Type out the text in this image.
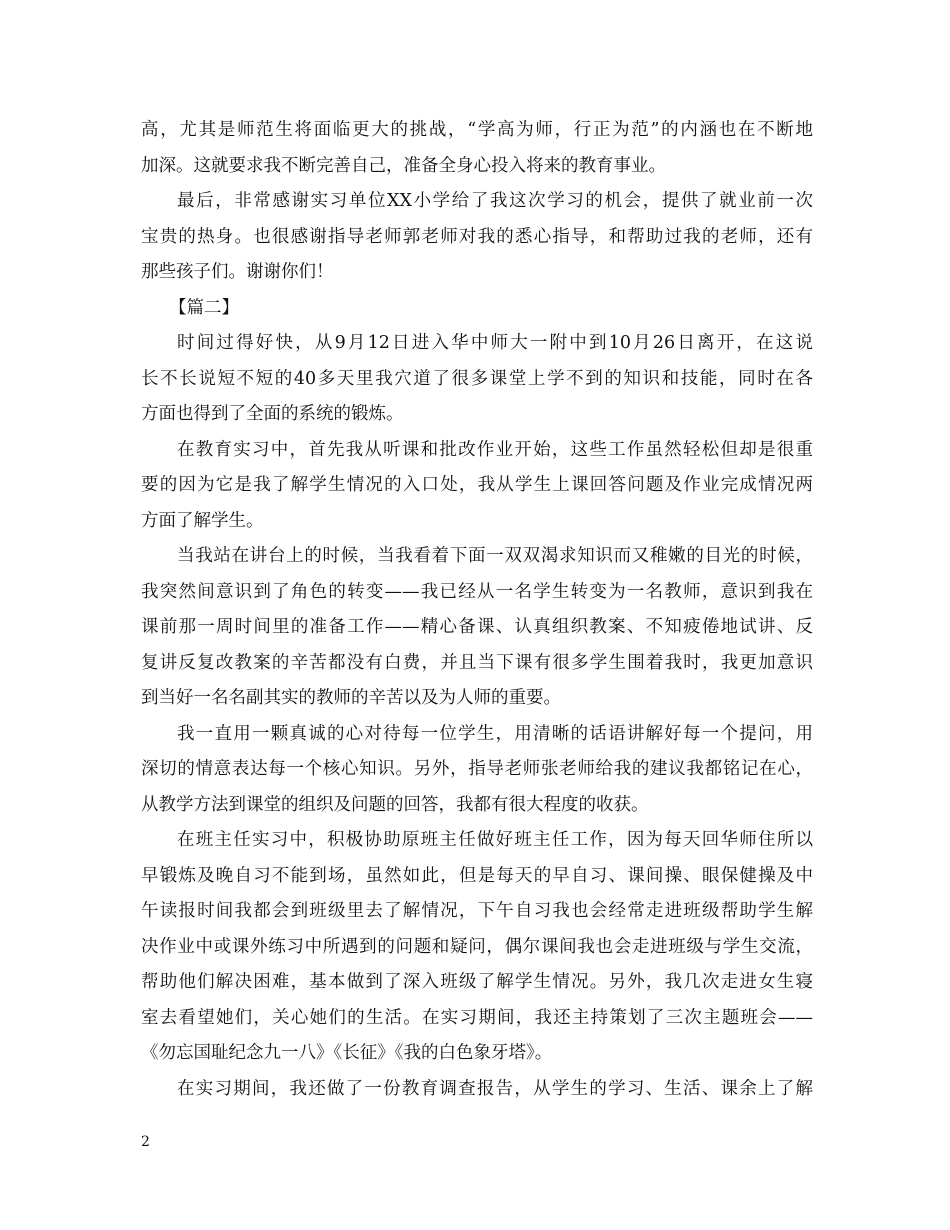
高，尤其是师范生将面临更大的挑战，“学高为师，行正为范”的内涵也在不断地
加深。这就要求我不断完善自己，准备全身心投入将来的教育事业。
最后，非常感谢实习单位XX小学给了我这次学习的机会，提供了就业前一次
宝贵的热身。也很感谢指导老师郭老师对我的悉心指导，和帮助过我的老师，还有
那些孩子们。谢谢你们！
【篇二】
时间过得好快，从9月12日进入华中师大一附中到10月26日离开，在这说
长不长说短不短的40多天里我穴道了很多课堂上学不到的知识和技能，同时在各
方面也得到了全面的系统的锻炼。
在教育实习中，首先我从听课和批改作业开始，这些工作虽然轻松但却是很重
要的因为它是我了解学生情况的入口处，我从学生上课回答问题及作业完成情况两
方面了解学生。
当我站在讲台上的时候，当我看着下面一双双渴求知识而又稚嫩的目光的时候，
我突然间意识到了角色的转变——我已经从一名学生转变为一名教师，意识到我在
课前那一周时间里的准备工作——精心备课、认真组织教案、不知疲倦地试讲、反
复讲反复改教案的辛苦都没有白费，并且当下课有很多学生围着我时，我更加意识
到当好一名名副其实的教师的辛苦以及为人师的重要。
我一直用一颗真诚的心对待每一位学生，用清晰的话语讲解好每一个提问，用
深切的情意表达每一个核心知识。另外，指导老师张老师给我的建议我都铭记在心，
从教学方法到课堂的组织及问题的回答，我都有很大程度的收获。
在班主任实习中，积极协助原班主任做好班主任工作，因为每天回华师住所以
早锻炼及晚自习不能到场，虽然如此，但是每天的早自习、课间操、眼保健操及中
午读报时间我都会到班级里去了解情况，下午自习我也会经常走进班级帮助学生解
决作业中或课外练习中所遇到的问题和疑问，偶尔课间我也会走进班级与学生交流，
帮助他们解决困难，基本做到了深入班级了解学生情况。另外，我几次走进女生寝
室去看望她们，关心她们的生活。在实习期间，我还主持策划了三次主题班会——
《勿忘国耻纪念九一八》《长征》《我的白色象牙塔》。
在实习期间，我还做了一份教育调查报告，从学生的学习、生活、课余上了解
2
